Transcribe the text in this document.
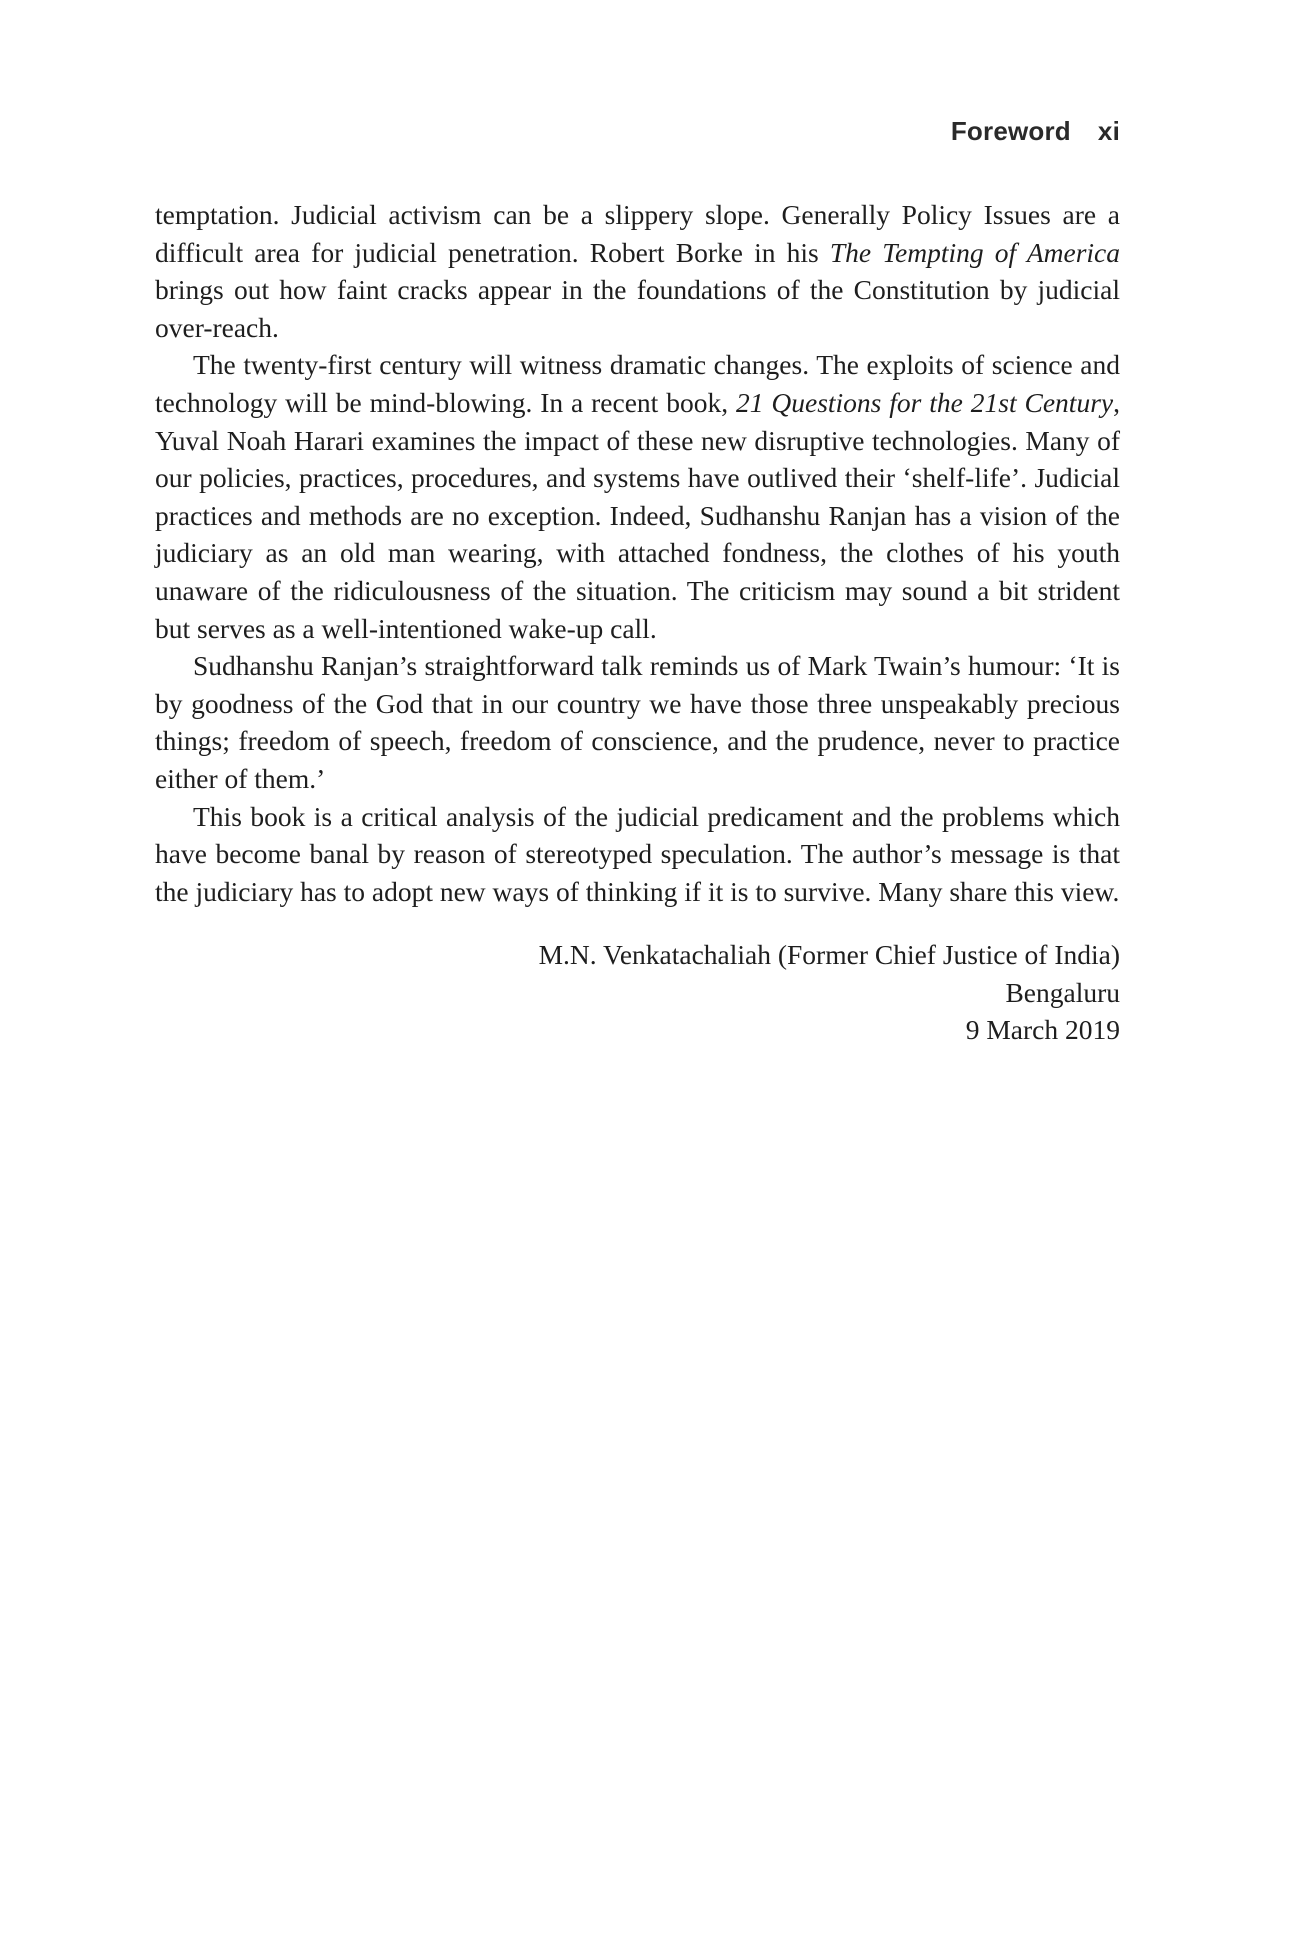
Foreword xi

temptation. Judicial activism can be a slippery slope. Generally Policy Issues are a difficult area for judicial penetration. Robert Borke in his The Tempting of America brings out how faint cracks appear in the foundations of the Constitution by judicial over-reach.

The twenty-first century will witness dramatic changes. The exploits of science and technology will be mind-blowing. In a recent book, 21 Questions for the 21st Century, Yuval Noah Harari examines the impact of these new disruptive technologies. Many of our policies, practices, procedures, and systems have outlived their ‘shelf-life’. Judicial practices and methods are no exception. Indeed, Sudhanshu Ranjan has a vision of the judiciary as an old man wearing, with attached fondness, the clothes of his youth unaware of the ridiculousness of the situation. The criticism may sound a bit strident but serves as a well-intentioned wake-up call.

Sudhanshu Ranjan’s straightforward talk reminds us of Mark Twain’s humour: ‘It is by goodness of the God that in our country we have those three unspeakably precious things; freedom of speech, freedom of conscience, and the prudence, never to practice either of them.’

This book is a critical analysis of the judicial predicament and the problems which have become banal by reason of stereotyped speculation. The author’s message is that the judiciary has to adopt new ways of thinking if it is to survive. Many share this view.

M.N. Venkatachaliah (Former Chief Justice of India)
Bengaluru
9 March 2019
